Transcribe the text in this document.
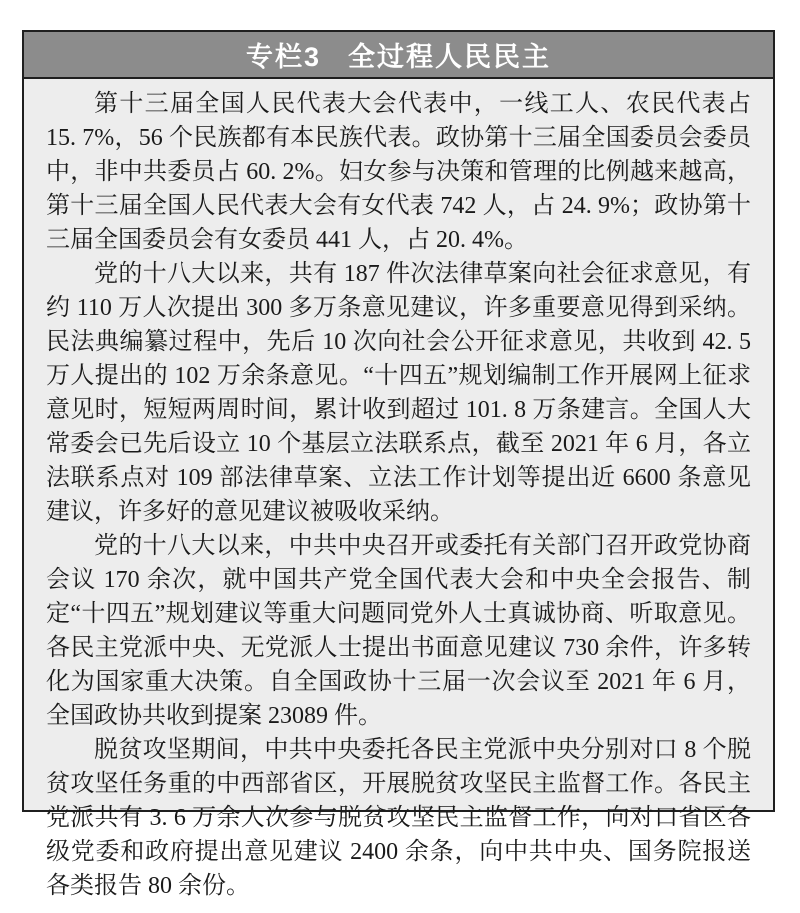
专栏3 全过程人民民主

第十三届全国人民代表大会代表中，一线工人、农民代表占 15. 7%，56 个民族都有本民族代表。政协第十三届全国委员会委员中，非中共委员占 60. 2%。妇女参与决策和管理的比例越来越高，第十三届全国人民代表大会有女代表 742 人，占 24. 9%；政协第十三届全国委员会有女委员 441 人，占 20. 4%。

党的十八大以来，共有 187 件次法律草案向社会征求意见，有约 110 万人次提出 300 多万条意见建议，许多重要意见得到采纳。民法典编纂过程中，先后 10 次向社会公开征求意见，共收到 42. 5 万人提出的 102 万余条意见。“十四五”规划编制工作开展网上征求意见时，短短两周时间，累计收到超过 101. 8 万条建言。全国人大常委会已先后设立 10 个基层立法联系点，截至 2021 年 6 月，各立法联系点对 109 部法律草案、立法工作计划等提出近 6600 条意见建议，许多好的意见建议被吸收采纳。

党的十八大以来，中共中央召开或委托有关部门召开政党协商会议 170 余次，就中国共产党全国代表大会和中央全会报告、制定“十四五”规划建议等重大问题同党外人士真诚协商、听取意见。各民主党派中央、无党派人士提出书面意见建议 730 余件，许多转化为国家重大决策。自全国政协十三届一次会议至 2021 年 6 月，全国政协共收到提案 23089 件。

脱贫攻坚期间，中共中央委托各民主党派中央分别对口 8 个脱贫攻坚任务重的中西部省区，开展脱贫攻坚民主监督工作。各民主党派共有 3. 6 万余人次参与脱贫攻坚民主监督工作，向对口省区各级党委和政府提出意见建议 2400 余条，向中共中央、国务院报送各类报告 80 余份。
